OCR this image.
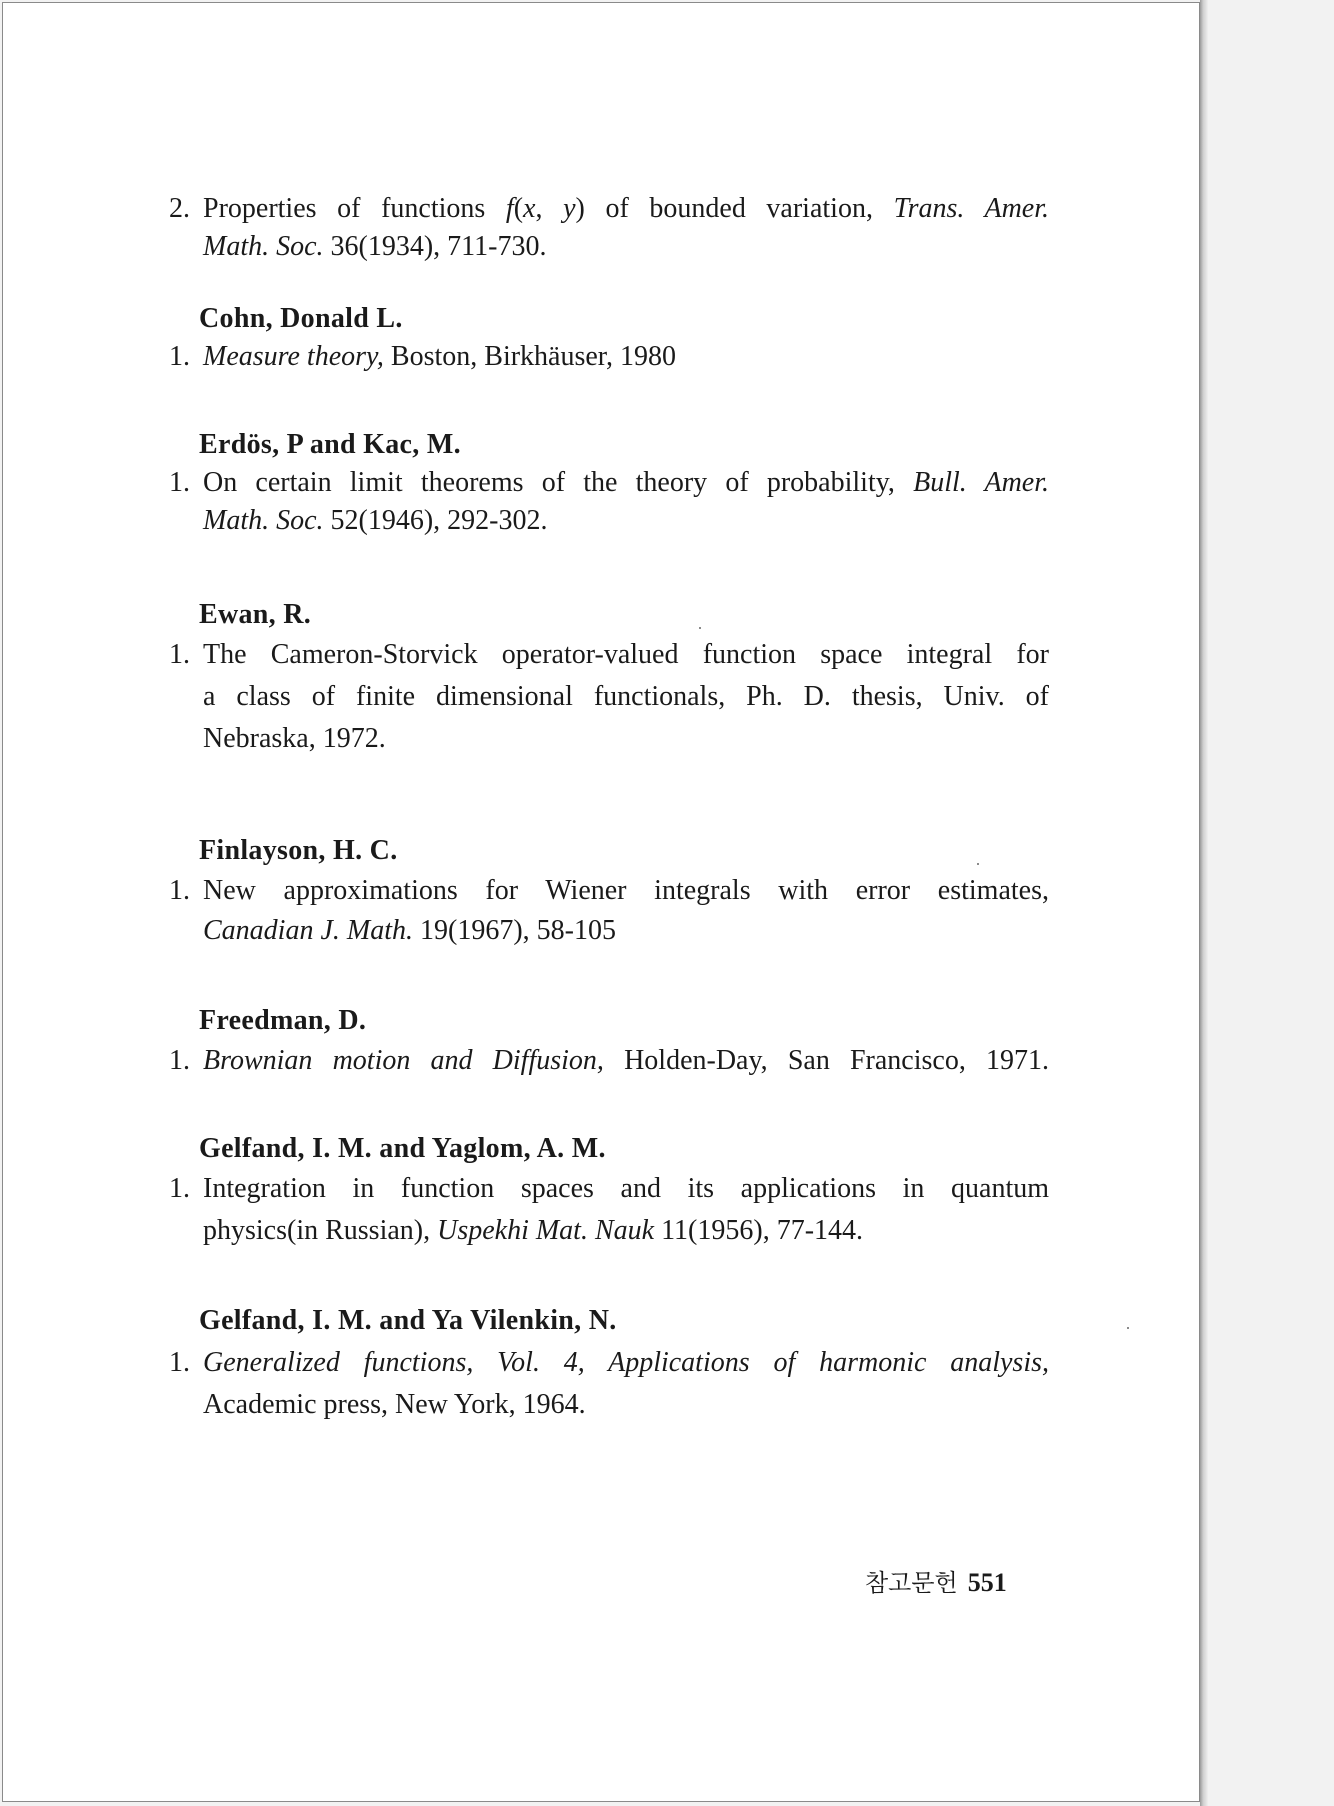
2. Properties of functions f(x, y) of bounded variation, Trans. Amer.
Math. Soc. 36(1934), 711-730.
Cohn, Donald L.
1. Measure theory, Boston, Birkhäuser, 1980
Erdös, P and Kac, M.
1. On certain limit theorems of the theory of probability, Bull. Amer.
Math. Soc. 52(1946), 292-302.
Ewan, R.
1. The Cameron-Storvick operator-valued function space integral for
a class of finite dimensional functionals, Ph. D. thesis, Univ. of
Nebraska, 1972.
Finlayson, H. C.
1. New approximations for Wiener integrals with error estimates,
Canadian J. Math. 19(1967), 58-105
Freedman, D.
1. Brownian motion and Diffusion, Holden-Day, San Francisco, 1971.
Gelfand, I. M. and Yaglom, A. M.
1. Integration in function spaces and its applications in quantum
physics(in Russian), Uspekhi Mat. Nauk 11(1956), 77-144.
Gelfand, I. M. and Ya Vilenkin, N.
1. Generalized functions, Vol. 4, Applications of harmonic analysis,
Academic press, New York, 1964.
참고문헌 551
